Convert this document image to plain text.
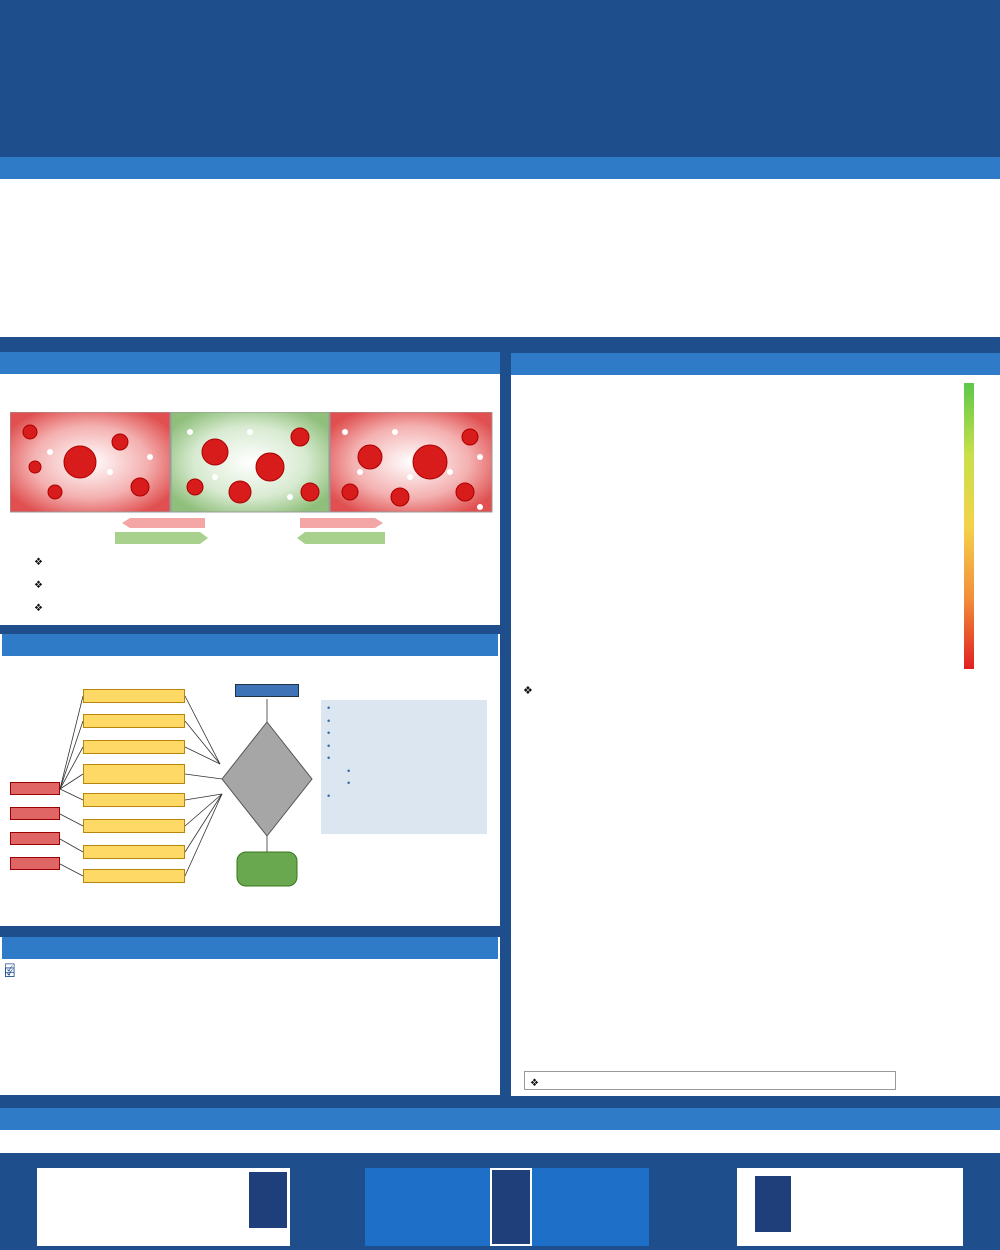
❖
❖
❖
•
•
•
•
•
•
•
•
❖
❖
